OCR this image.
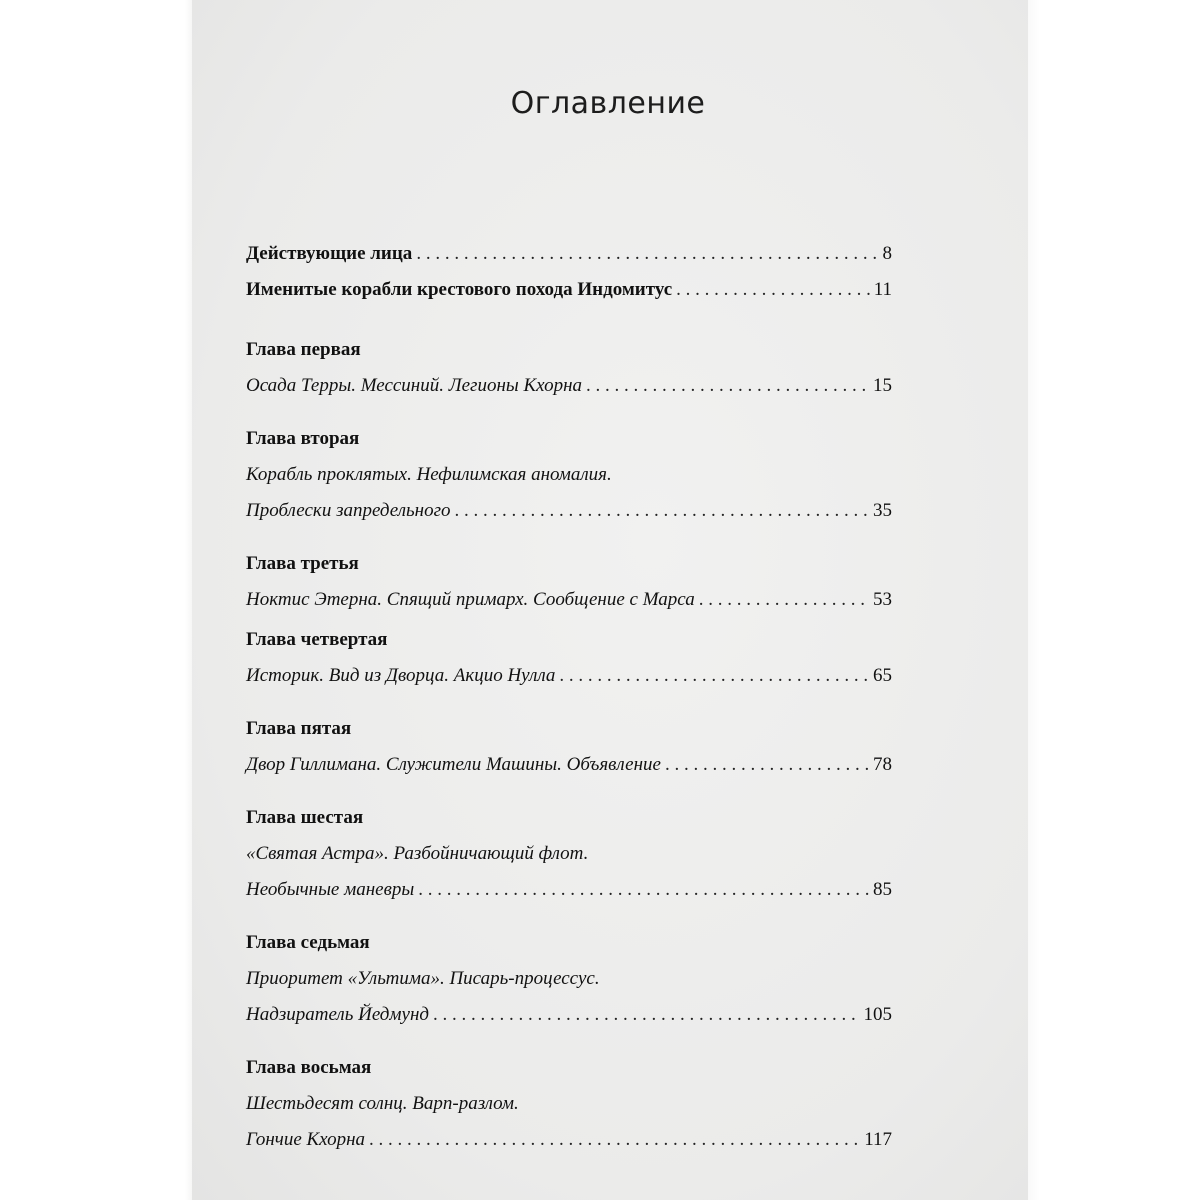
Оглавление
Действующие лица . . .	8
Именитые корабли крестового похода Индомитус . . .	11
Глава первая
Осада Терры. Мессиний. Легионы Кхорна . . .	15
Глава вторая
Корабль проклятых. Нефилимская аномалия.
Проблески запредельного . . .	35
Глава третья
Ноктис Этерна. Спящий примарх. Сообщение с Марса . . .	53
Глава четвертая
Историк. Вид из Дворца. Акцио Нулла . . .	65
Глава пятая
Двор Гиллимана. Служители Машины. Объявление . . .	78
Глава шестая
«Святая Астра». Разбойничающий флот.
Необычные маневры . . .	85
Глава седьмая
Приоритет «Ультима». Писарь-процессус.
Надзиратель Йедмунд . . .	105
Глава восьмая
Шестьдесят солнц. Варп-разлом.
Гончие Кхорна . . .	117
